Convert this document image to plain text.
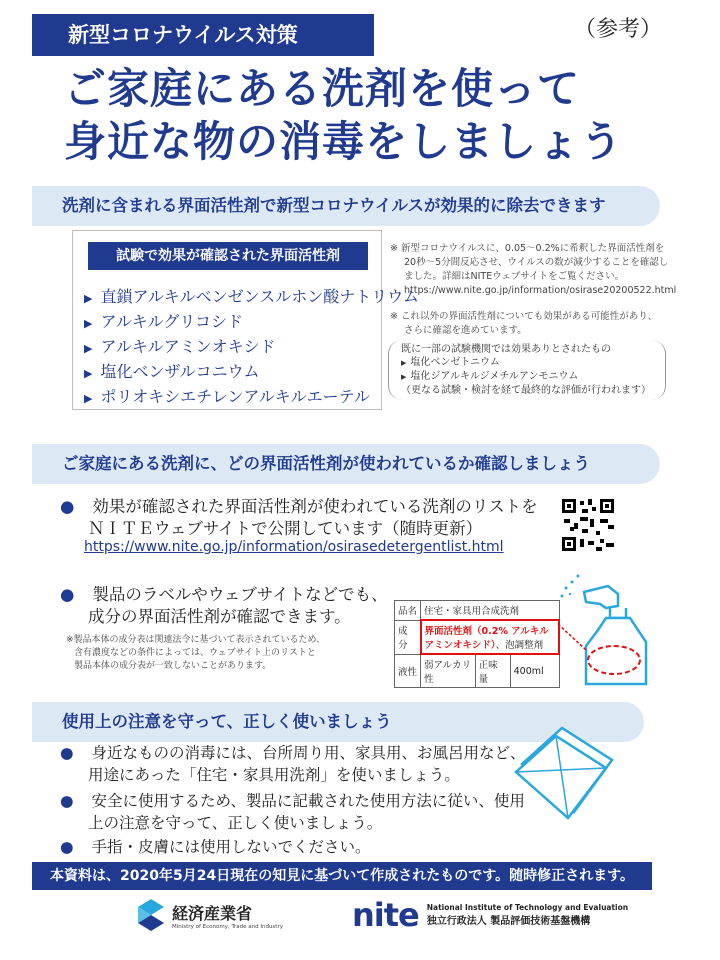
新型コロナウイルス対策	（参考）
ご家庭にある洗剤を使って
身近な物の消毒をしましょう
洗剤に含まれる界面活性剤で新型コロナウイルスが効果的に除去できます
試験で効果が確認された界面活性剤
▶ 直鎖アルキルベンゼンスルホン酸ナトリウム
▶ アルキルグリコシド
▶ アルキルアミンオキシド
▶ 塩化ベンザルコニウム
▶ ポリオキシエチレンアルキルエーテル
※ 新型コロナウイルスに、0.05～0.2%に希釈した界面活性剤を
20秒～5分間反応させ、ウイルスの数が減少することを確認し
ました。詳細はNITEウェブサイトをご覧ください。
https://www.nite.go.jp/information/osirase20200522.html
※ これ以外の界面活性剤についても効果がある可能性があり、
さらに確認を進めています。
既に一部の試験機関では効果ありとされたもの
▶ 塩化ベンゼトニウム
▶ 塩化ジアルキルジメチルアンモニウム
（更なる試験・検討を経て最終的な評価が行われます）
ご家庭にある洗剤に、どの界面活性剤が使われているか確認しましょう
● 効果が確認された界面活性剤が使われている洗剤のリストを
ＮＩＴＥウェブサイトで公開しています（随時更新）
https://www.nite.go.jp/information/osirasedetergentlist.html
● 製品のラベルやウェブサイトなどでも、
成分の界面活性剤が確認できます。
※製品本体の成分表は関連法令に基づいて表示されているため、
含有濃度などの条件によっては、ウェブサイト上のリストと
製品本体の成分表が一致しないことがあります。
品名	住宅・家具用合成洗剤		
成分	界面活性剤（0.2% アルキルアミンオキシド）、泡調整剤		
液性	弱アルカリ性	正味量	400ml
使用上の注意を守って、正しく使いましょう
● 身近なものの消毒には、台所周り用、家具用、お風呂用など、
用途にあった「住宅・家具用洗剤」を使いましょう。
● 安全に使用するため、製品に記載された使用方法に従い、使用
上の注意を守って、正しく使いましょう。
● 手指・皮膚には使用しないでください。
本資料は、2020年5月24日現在の知見に基づいて作成されたものです。随時修正されます。
経済産業省
Ministry of Economy, Trade and Industry nite National Institute of Technology and Evaluation
独立行政法人 製品評価技術基盤機構
